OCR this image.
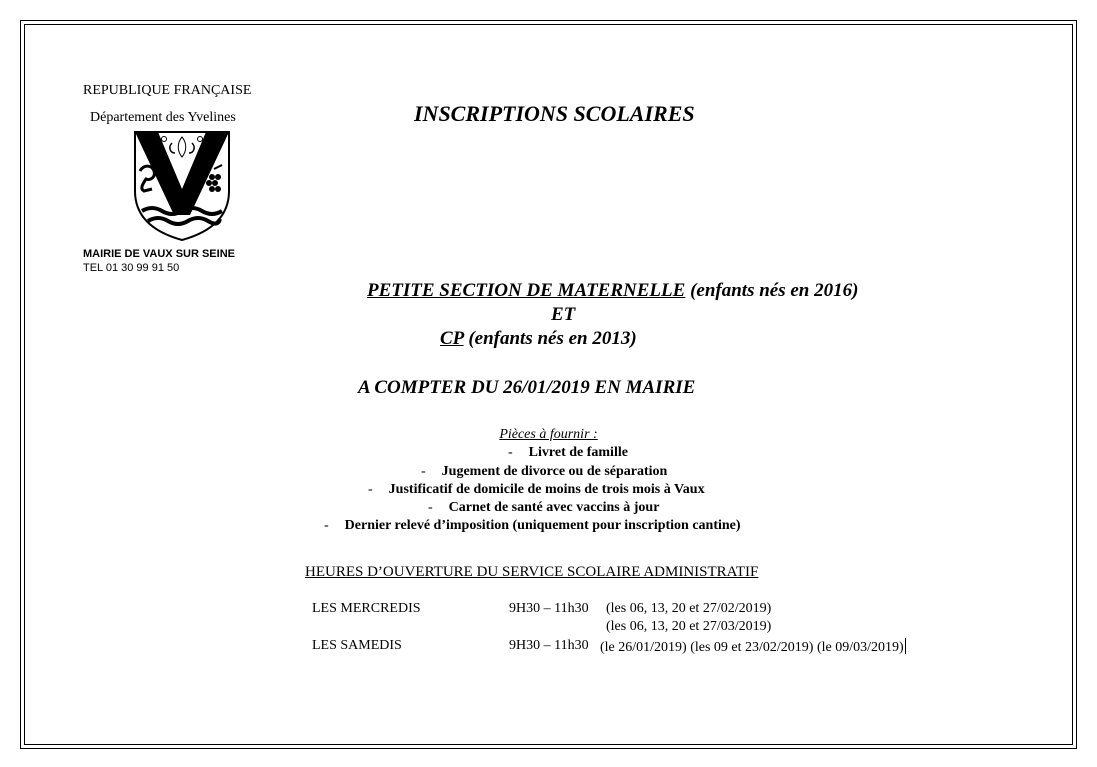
REPUBLIQUE FRANÇAISE
Département des Yvelines
MAIRIE DE VAUX SUR SEINE
TEL 01 30 99 91 50
INSCRIPTIONS SCOLAIRES
PETITE SECTION DE MATERNELLE (enfants nés en 2016)
ET
CP (enfants nés en 2013)
A COMPTER DU 26/01/2019 EN MAIRIE
Pièces à fournir :
- Livret de famille
- Jugement de divorce ou de séparation
- Justificatif de domicile de moins de trois mois à Vaux
- Carnet de santé avec vaccins à jour
- Dernier relevé d’imposition (uniquement pour inscription cantine)
HEURES D’OUVERTURE DU SERVICE SCOLAIRE ADMINISTRATIF
LES MERCREDIS	9H30 – 11h30 (les 06, 13, 20 et 27/02/2019)
(les 06, 13, 20 et 27/03/2019)
LES SAMEDIS	9H30 – 11h30 (le 26/01/2019) (les 09 et 23/02/2019) (le 09/03/2019)
